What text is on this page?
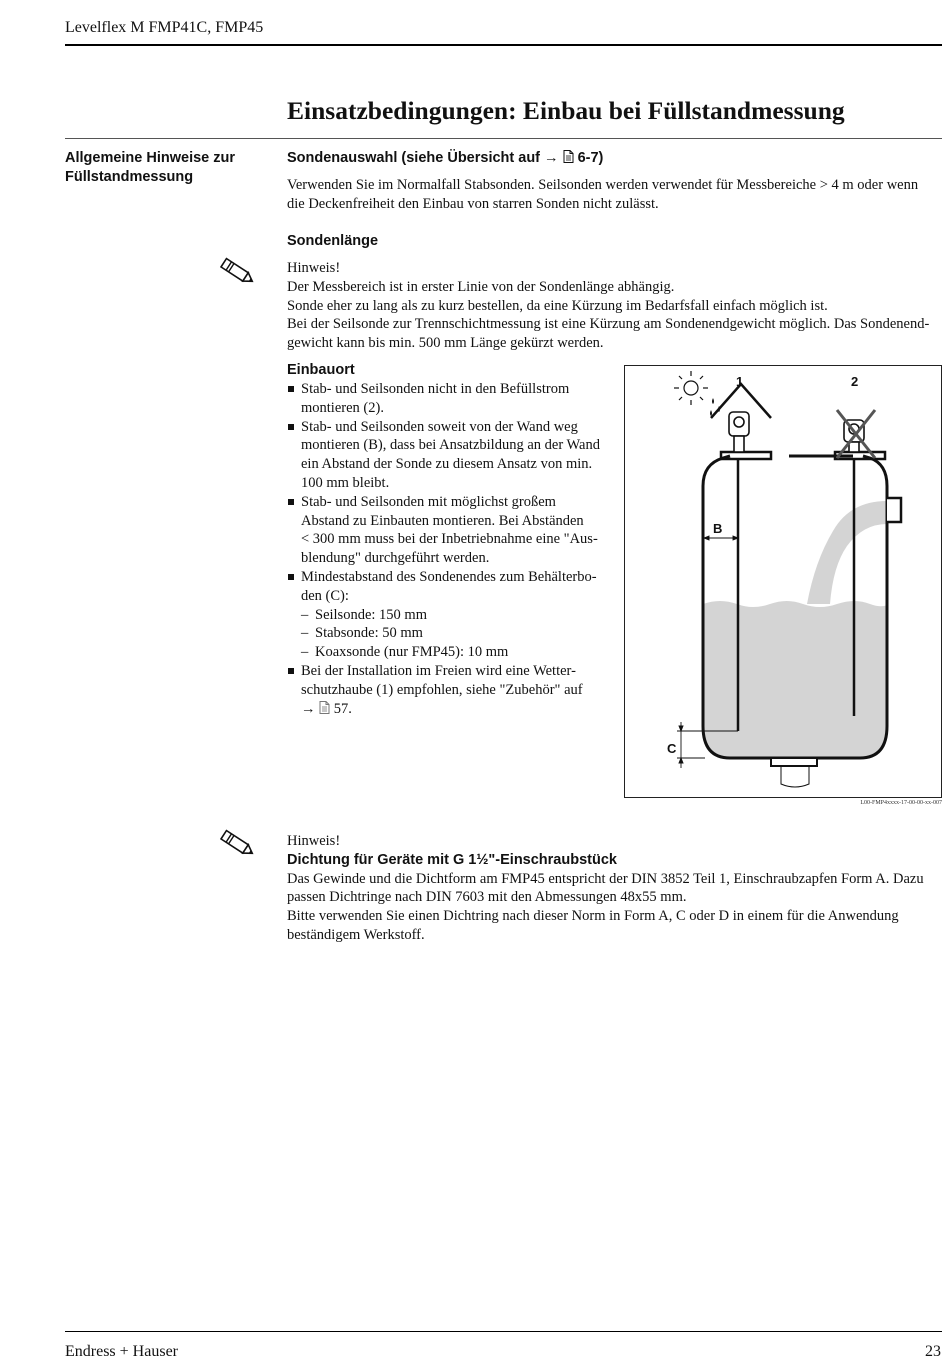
Levelflex M FMP41C, FMP45
Einsatzbedingungen: Einbau bei Füllstandmessung
Allgemeine Hinweise zur Füllstandmessung
Sondenauswahl (siehe Übersicht auf → 6-7)
Verwenden Sie im Normalfall Stabsonden. Seilsonden werden verwendet für Messbereiche > 4 m oder wenn
die Deckenfreiheit den Einbau von starren Sonden nicht zulässt.
Sondenlänge
Hinweis!
Der Messbereich ist in erster Linie von der Sondenlänge abhängig.
Sonde eher zu lang als zu kurz bestellen, da eine Kürzung im Bedarfsfall einfach möglich ist.
Bei der Seilsonde zur Trennschichtmessung ist eine Kürzung am Sondenendgewicht möglich. Das Sondenend-
gewicht kann bis min. 500 mm Länge gekürzt werden.
Einbauort
Stab- und Seilsonden nicht in den Befüllstrom
montieren (2).
Stab- und Seilsonden soweit von der Wand weg
montieren (B), dass bei Ansatzbildung an der Wand
ein Abstand der Sonde zu diesem Ansatz von min.
100 mm bleibt.
Stab- und Seilsonden mit möglichst großem
Abstand zu Einbauten montieren. Bei Abständen
< 300 mm muss bei der Inbetriebnahme eine "Aus-
blendung" durchgeführt werden.
Mindestabstand des Sondenendes zum Behälterbo-
den (C):
– Seilsonde: 150 mm
– Stabsonde: 50 mm
– Koaxsonde (nur FMP45): 10 mm
Bei der Installation im Freien wird eine Wetter-
schutzhaube (1) empfohlen, siehe "Zubehör" auf
→ 57.
B
C
1	2
L00-FMP4xxxx-17-00-00-xx-007
Hinweis!
Dichtung für Geräte mit G 1½"-Einschraubstück
Das Gewinde und die Dichtform am FMP45 entspricht der DIN 3852 Teil 1, Einschraubzapfen Form A. Dazu
passen Dichtringe nach DIN 7603 mit den Abmessungen 48x55 mm.
Bitte verwenden Sie einen Dichtring nach dieser Norm in Form A, C oder D in einem für die Anwendung
beständigem Werkstoff.
Endress + Hauser	23
